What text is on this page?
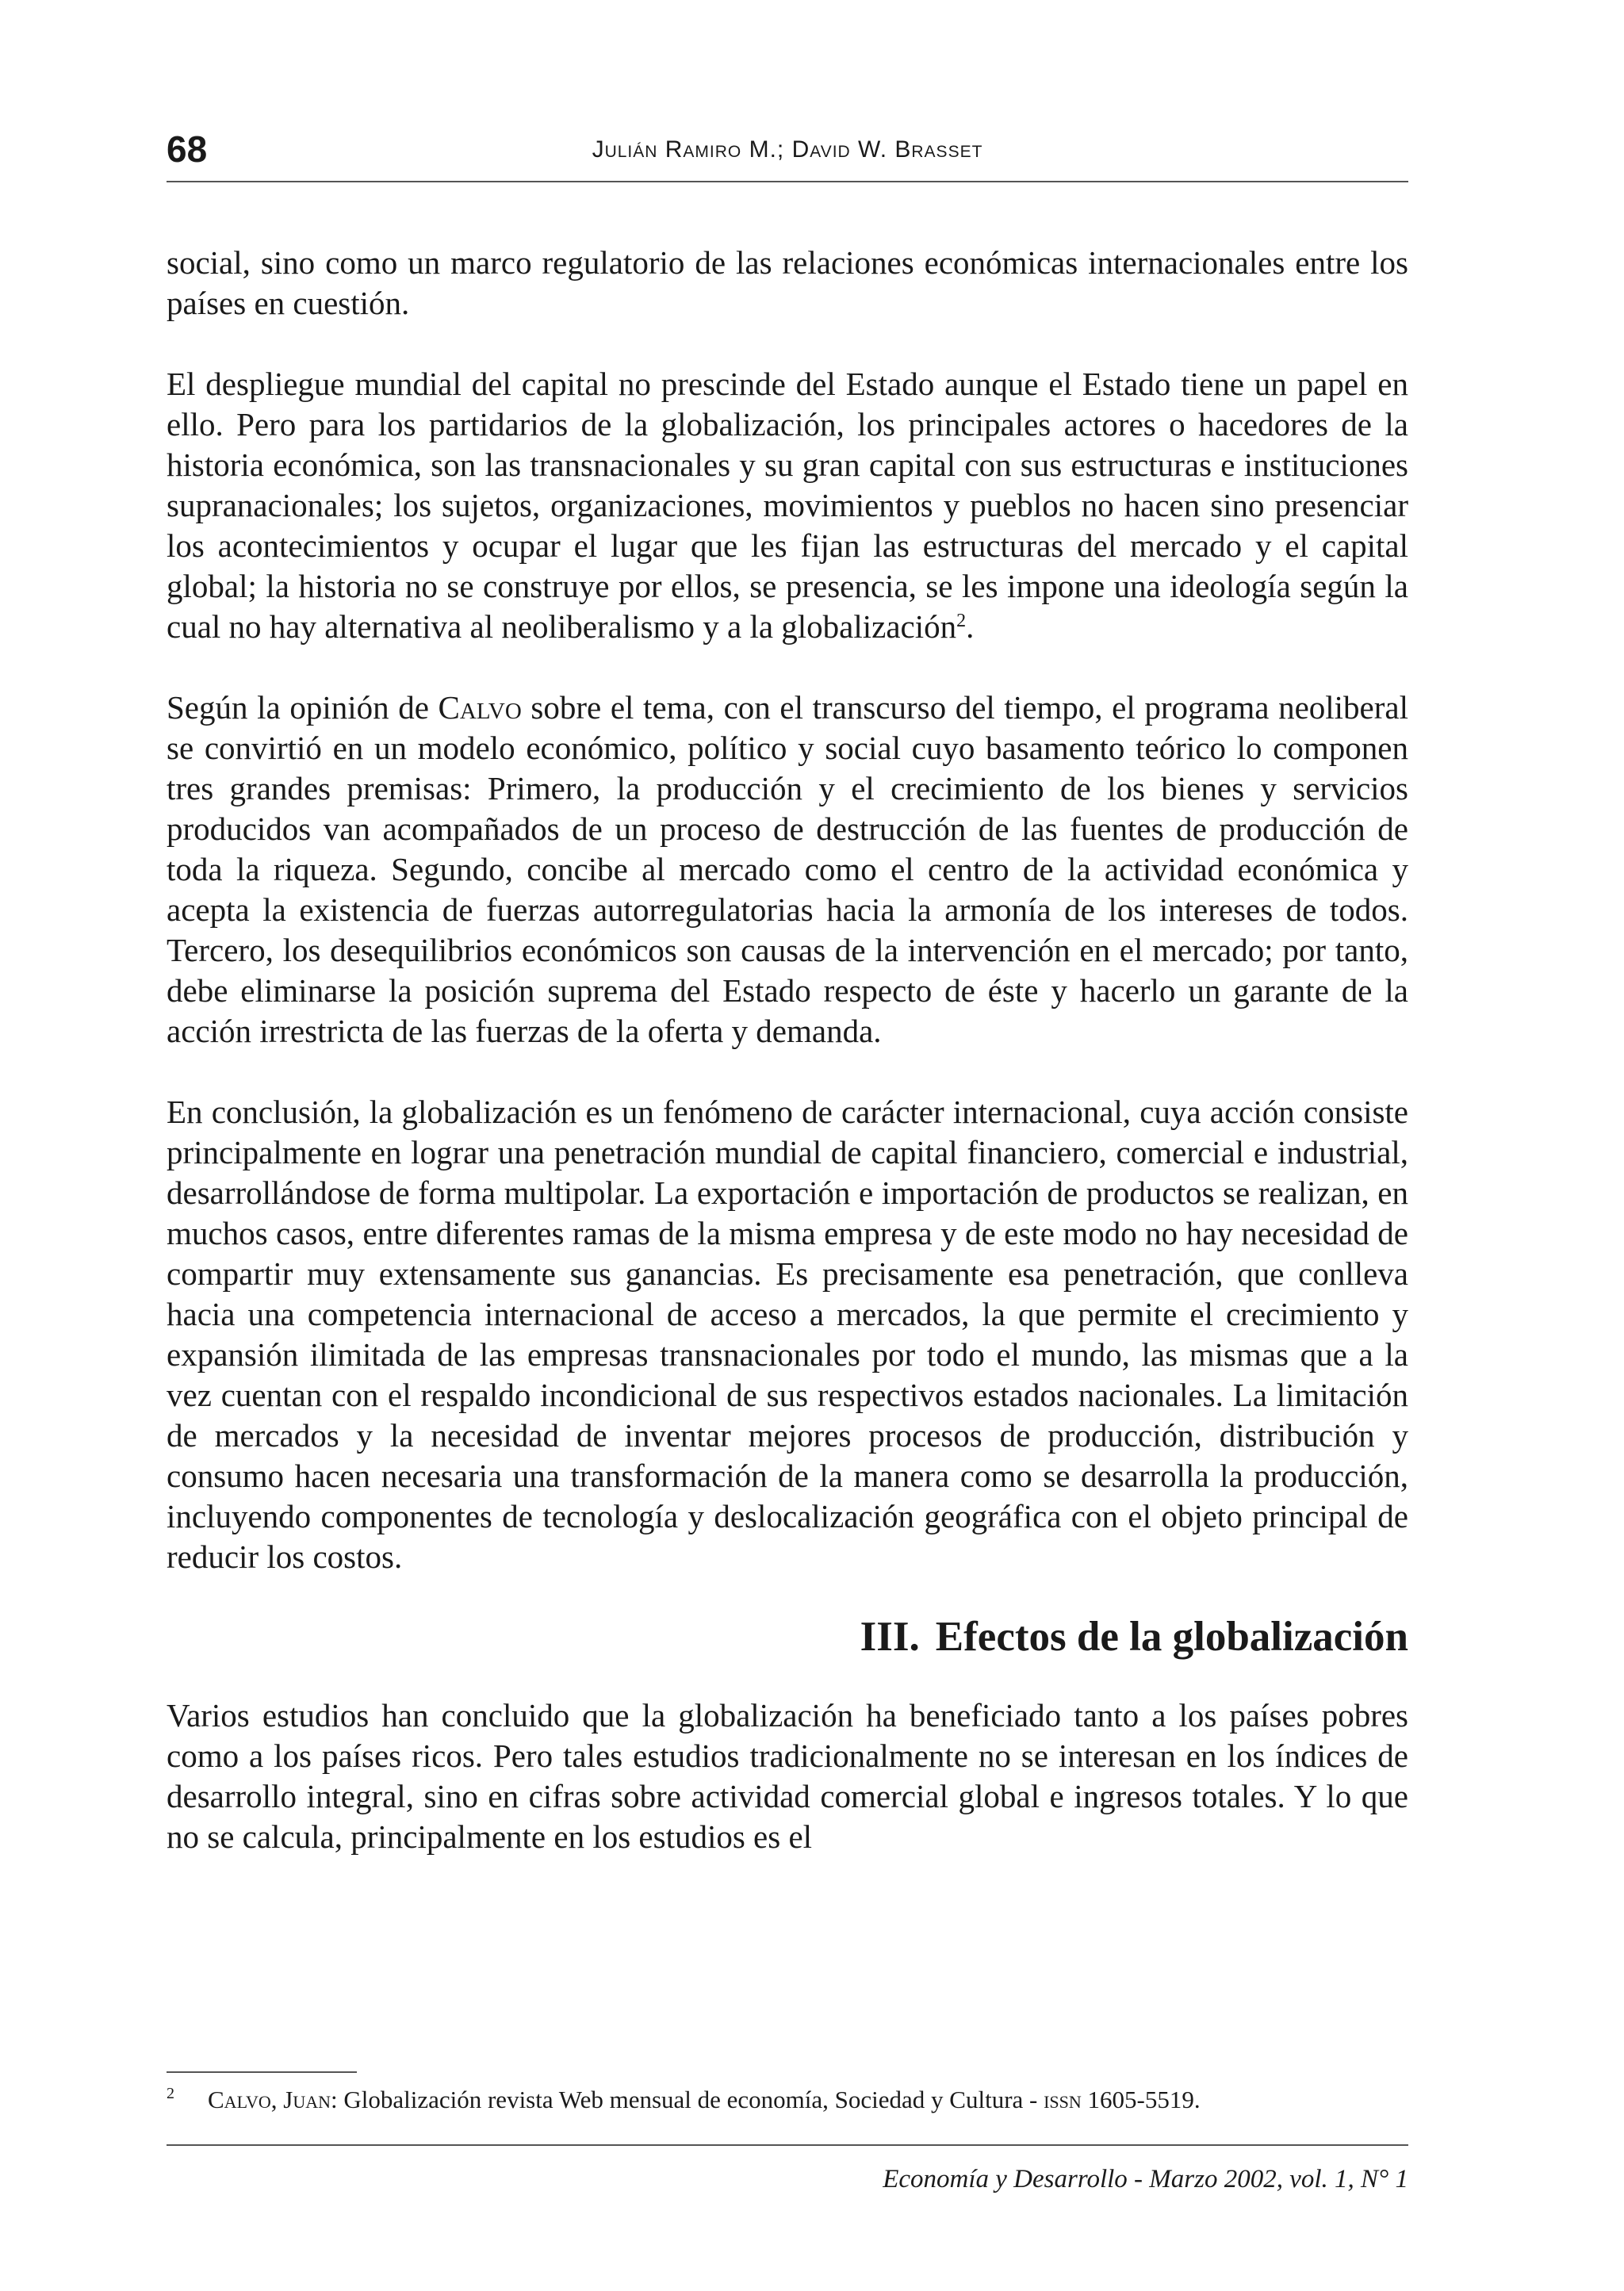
68	Julián Ramiro M.; David W. Brasset

social, sino como un marco regulatorio de las relaciones económicas internacionales entre los países en cuestión.

El despliegue mundial del capital no prescinde del Estado aunque el Estado tiene un papel en ello. Pero para los partidarios de la globalización, los principales actores o hacedores de la historia económica, son las transnacionales y su gran capital con sus estructuras e instituciones supranacionales; los sujetos, organizaciones, movimientos y pueblos no hacen sino presenciar los acontecimientos y ocupar el lugar que les fijan las estructuras del mercado y el capital global; la historia no se construye por ellos, se presencia, se les impone una ideología según la cual no hay alternativa al neoliberalismo y a la globalización$^2$.

Según la opinión de Calvo sobre el tema, con el transcurso del tiempo, el programa neoliberal se convirtió en un modelo económico, político y social cuyo basamento teórico lo componen tres grandes premisas: Primero, la producción y el crecimiento de los bienes y servicios producidos van acompañados de un proceso de destrucción de las fuentes de producción de toda la riqueza. Segundo, concibe al mercado como el centro de la actividad económica y acepta la existencia de fuerzas autorregulatorias hacia la armonía de los intereses de todos. Tercero, los desequilibrios económicos son causas de la intervención en el mercado; por tanto, debe eliminarse la posición suprema del Estado respecto de éste y hacerlo un garante de la acción irrestricta de las fuerzas de la oferta y demanda.

En conclusión, la globalización es un fenómeno de carácter internacional, cuya acción consiste principalmente en lograr una penetración mundial de capital financiero, comercial e industrial, desarrollándose de forma multipolar. La exportación e importación de productos se realizan, en muchos casos, entre diferentes ramas de la misma empresa y de este modo no hay necesidad de compartir muy extensamente sus ganancias. Es precisamente esa penetración, que conlleva hacia una competencia internacional de acceso a mercados, la que permite el crecimiento y expansión ilimitada de las empresas transnacionales por todo el mundo, las mismas que a la vez cuentan con el respaldo incondicional de sus respectivos estados nacionales. La limitación de mercados y la necesidad de inventar mejores procesos de producción, distribución y consumo hacen necesaria una transformación de la manera como se desarrolla la producción, incluyendo componentes de tecnología y deslocalización geográfica con el objeto principal de reducir los costos.

III. Efectos de la globalización

Varios estudios han concluido que la globalización ha beneficiado tanto a los países pobres como a los países ricos. Pero tales estudios tradicionalmente no se interesan en los índices de desarrollo integral, sino en cifras sobre actividad comercial global e ingresos totales. Y lo que no se calcula, principalmente en los estudios es el

2 Calvo, Juan: Globalización revista Web mensual de economía, Sociedad y Cultura - issn 1605-5519.
Economía y Desarrollo - Marzo 2002, vol. 1, N° 1
